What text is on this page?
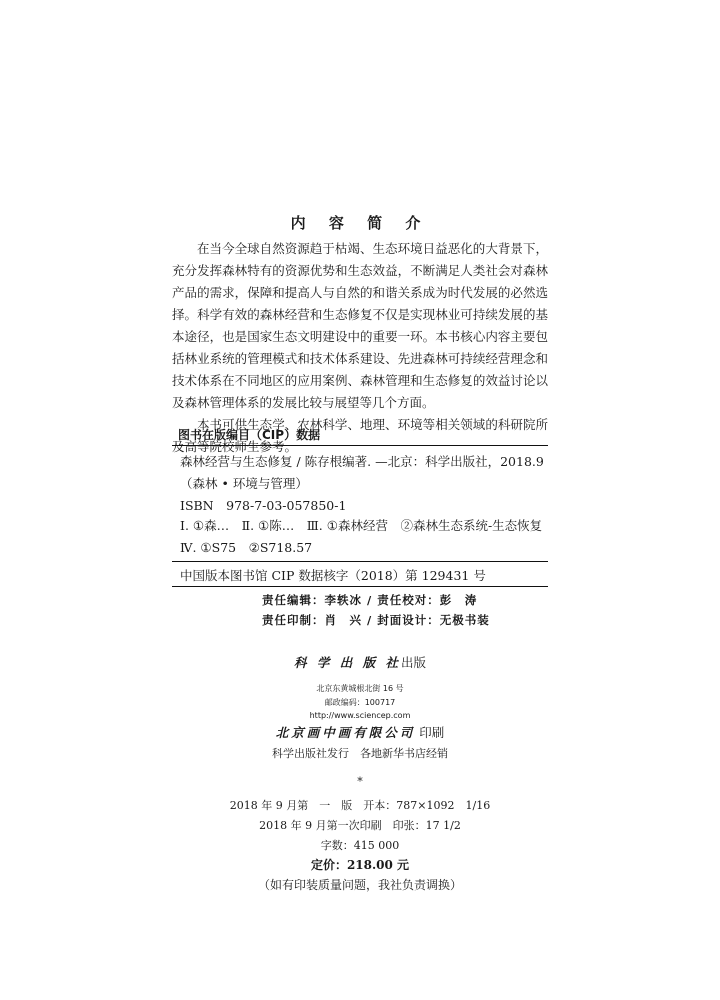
内 容 简 介

在当今全球自然资源趋于枯竭、生态环境日益恶化的大背景下，充分发挥森林特有的资源优势和生态效益，不断满足人类社会对森林产品的需求，保障和提高人与自然的和谐关系成为时代发展的必然选择。科学有效的森林经营和生态修复不仅是实现林业可持续发展的基本途径，也是国家生态文明建设中的重要一环。本书核心内容主要包括林业系统的管理模式和技术体系建设、先进森林可持续经营理念和技术体系在不同地区的应用案例、森林管理和生态修复的效益讨论以及森林管理体系的发展比较与展望等几个方面。

本书可供生态学、农林科学、地理、环境等相关领域的科研院所及高等院校师生参考。

图书在版编目（CIP）数据
森林经营与生态修复 / 陈存根编著. —北京：科学出版社，2018.9
（森林 • 环境与管理）
ISBN　978-7-03-057850-1
Ⅰ. ①森…　Ⅱ. ①陈…　Ⅲ. ①森林经营　②森林生态系统-生态恢复　Ⅳ. ①S75　②S718.57
中国版本图书馆 CIP 数据核字（2018）第 129431 号
责任编辑：李轶冰 / 责任校对：彭　涛
责任印制：肖　兴 / 封面设计：无极书装
科 学 出 版 社出版
北京东黄城根北街 16 号
邮政编码：100717
http://www.sciencep.com
北京画中画有限公司 印刷
科学出版社发行　各地新华书店经销
*
2018 年 9 月第　一　版　开本：787×1092　1/16
2018 年 9 月第一次印刷　印张：17 1/2
字数：415 000
定价：218.00 元
（如有印装质量问题，我社负责调换）
